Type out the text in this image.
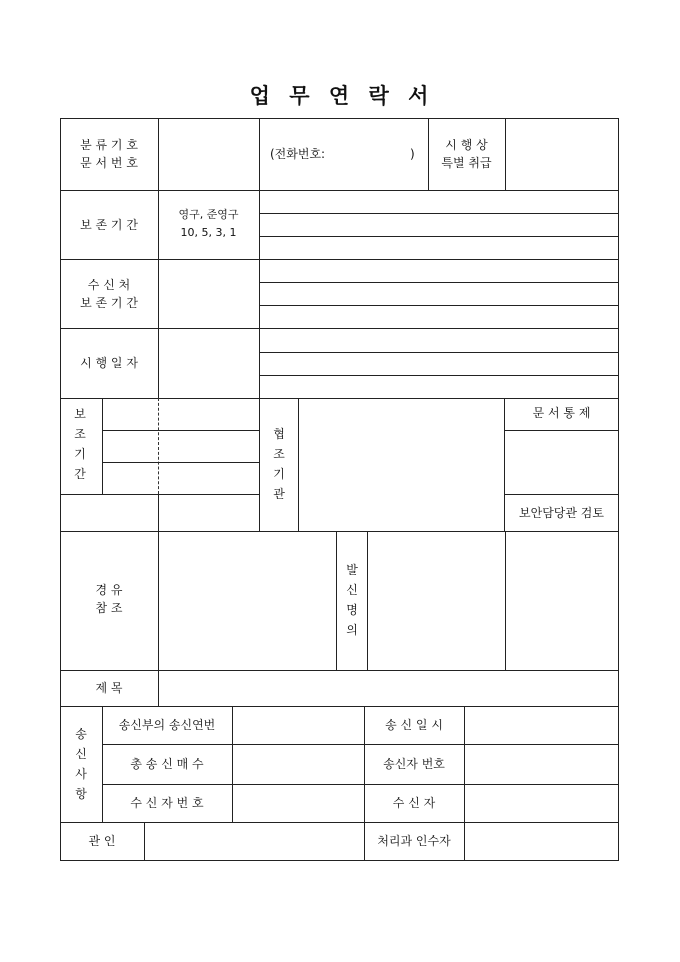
업 무 연 락 서
분 류 기 호
문 서 번 호
(전화번호:	)
시 행 상
특별 취급
보 존 기 간
영구, 준영구
10, 5, 3, 1
수 신 처
보 존 기 간
시 행 일 자
보
조
기
간
협
조
기
관
문 서 통 제
보안담당관 검토
경 유
참 조
발
신
명
의
제 목
송
신
사
항
송신부의 송신연번
총 송 신 매 수
수 신 자 번 호
송 신 일 시
송신자 번호
수 신 자
관 인	처리과 인수자
